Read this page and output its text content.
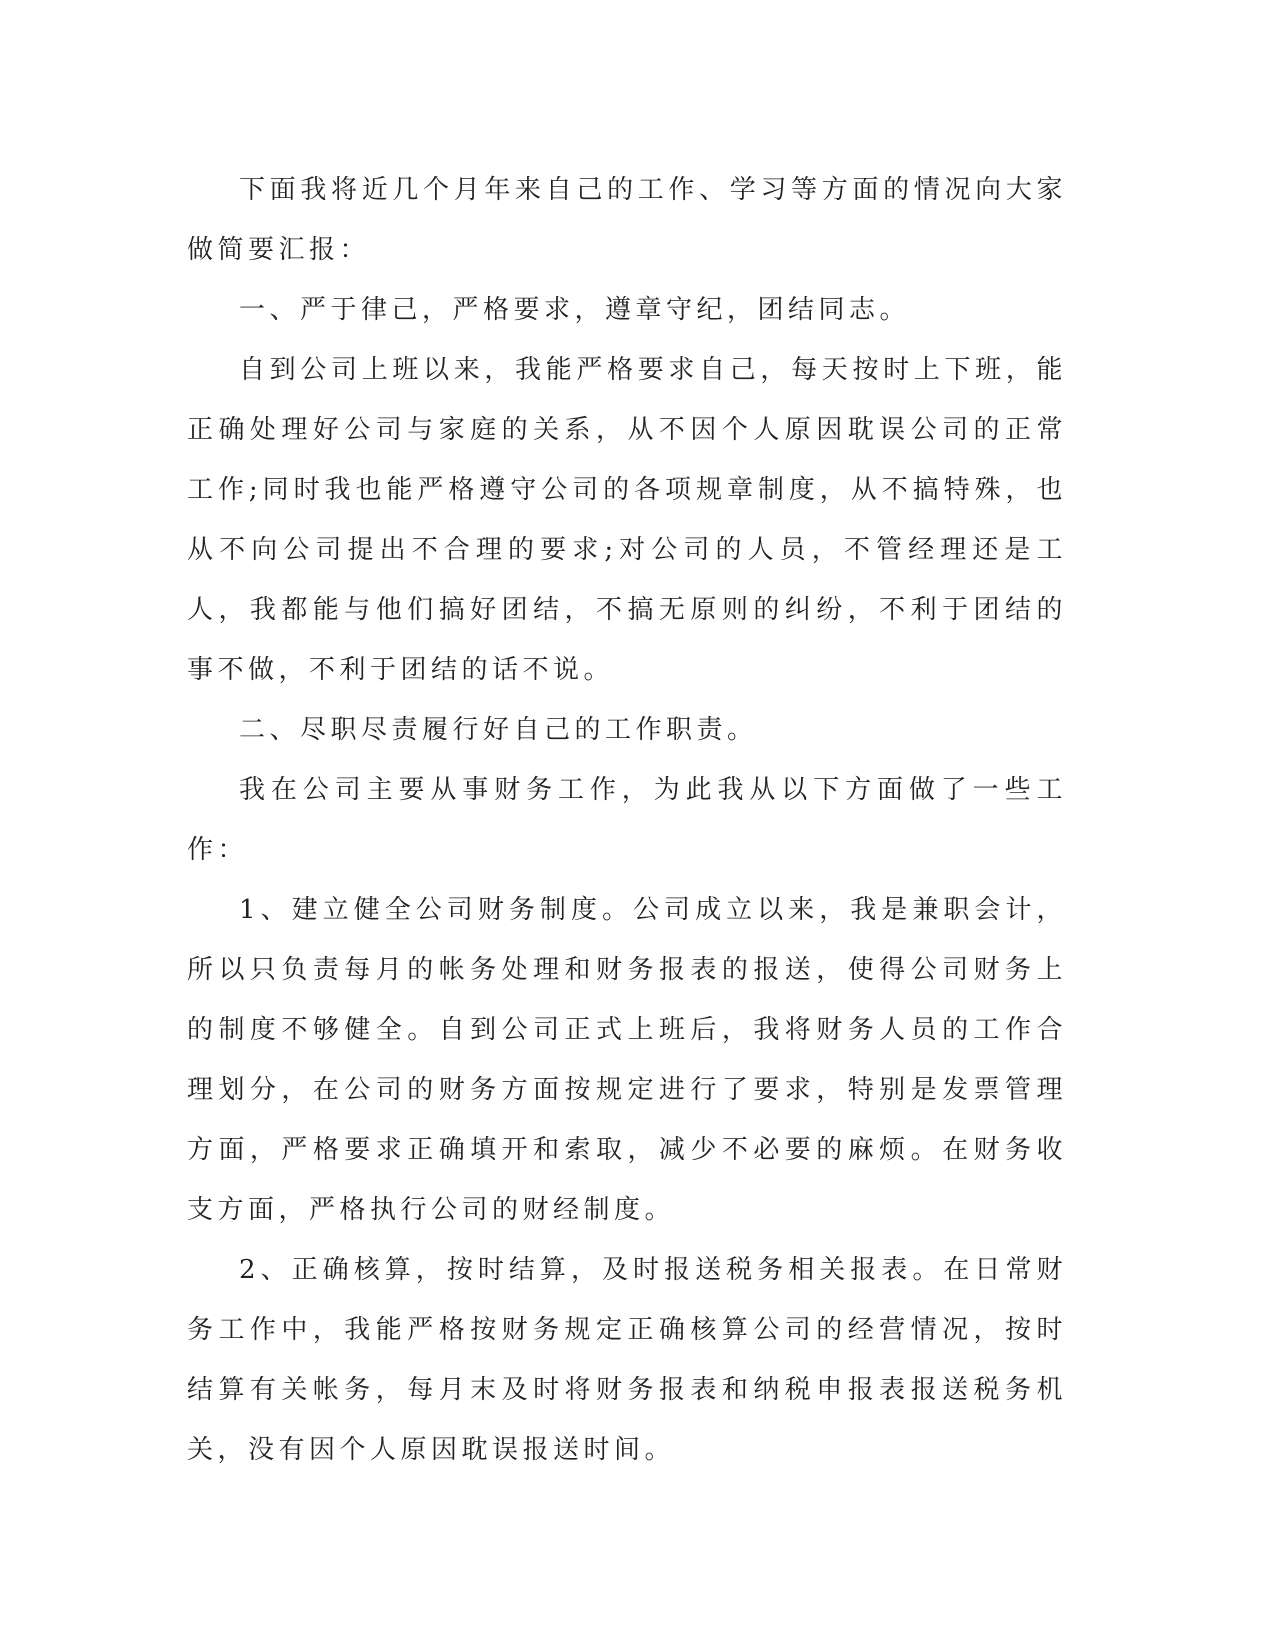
下面我将近几个月年来自己的工作、学习等方面的情况向大家做简要汇报：

一、严于律己，严格要求，遵章守纪，团结同志。

自到公司上班以来，我能严格要求自己，每天按时上下班，能正确处理好公司与家庭的关系，从不因个人原因耽误公司的正常工作;同时我也能严格遵守公司的各项规章制度，从不搞特殊，也从不向公司提出不合理的要求;对公司的人员，不管经理还是工人，我都能与他们搞好团结，不搞无原则的纠纷，不利于团结的事不做，不利于团结的话不说。

二、尽职尽责履行好自己的工作职责。

我在公司主要从事财务工作，为此我从以下方面做了一些工作：

1、建立健全公司财务制度。公司成立以来，我是兼职会计，所以只负责每月的帐务处理和财务报表的报送，使得公司财务上的制度不够健全。自到公司正式上班后，我将财务人员的工作合理划分，在公司的财务方面按规定进行了要求，特别是发票管理方面，严格要求正确填开和索取，减少不必要的麻烦。在财务收支方面，严格执行公司的财经制度。

2、正确核算，按时结算，及时报送税务相关报表。在日常财务工作中，我能严格按财务规定正确核算公司的经营情况，按时结算有关帐务，每月末及时将财务报表和纳税申报表报送税务机关，没有因个人原因耽误报送时间。
